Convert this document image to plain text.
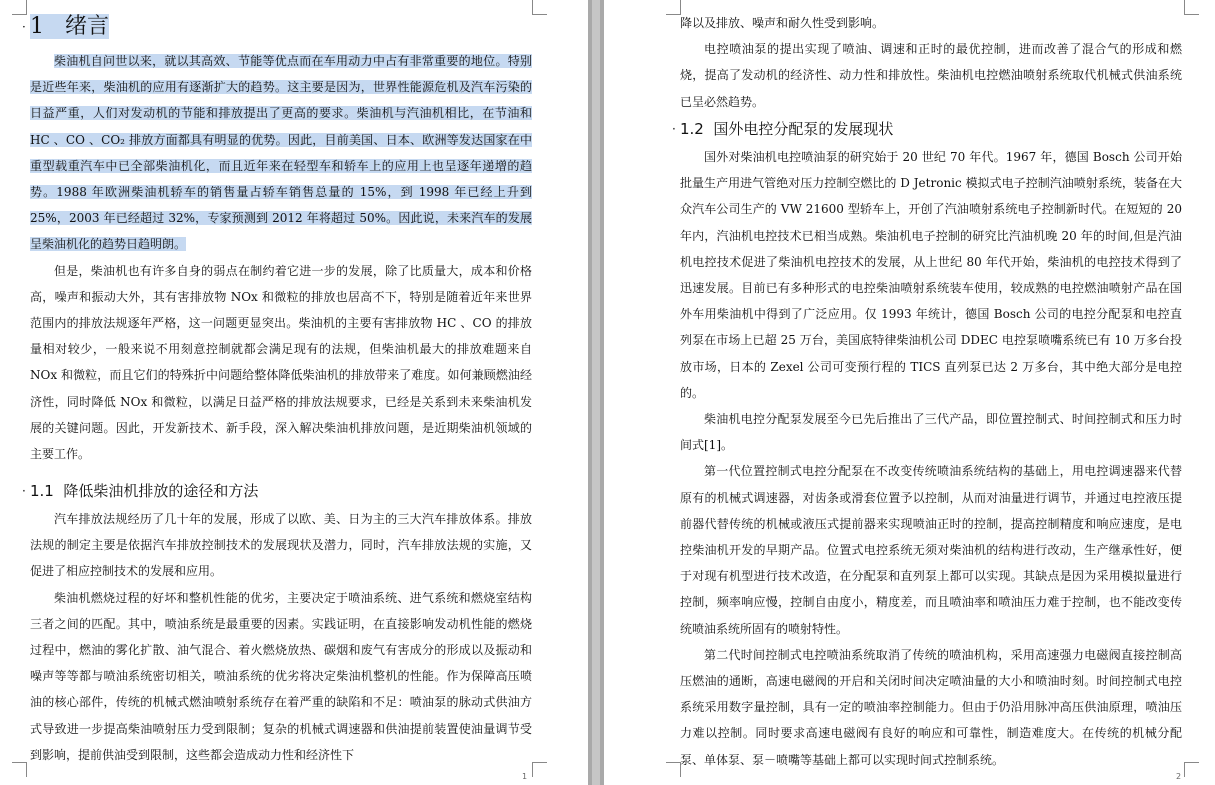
· 1 绪言

柴油机自问世以来，就以其高效、节能等优点而在车用动力中占有非常重要的地位。特别是近些年来，柴油机的应用有逐渐扩大的趋势。这主要是因为，世界性能源危机及汽车污染的日益严重，人们对发动机的节能和排放提出了更高的要求。柴油机与汽油机相比，在节油和 HC 、CO 、CO₂ 排放方面都具有明显的优势。因此，目前美国、日本、欧洲等发达国家在中重型载重汽车中已全部柴油机化，而且近年来在轻型车和轿车上的应用上也呈逐年递增的趋势。1988 年欧洲柴油机轿车的销售量占轿车销售总量的 15%，到 1998 年已经上升到 25%，2003 年已经超过 32%，专家预测到 2012 年将超过 50%。因此说，未来汽车的发展呈柴油机化的趋势日趋明朗。

但是，柴油机也有许多自身的弱点在制约着它进一步的发展，除了比质量大，成本和价格高，噪声和振动大外，其有害排放物 NOx 和微粒的排放也居高不下，特别是随着近年来世界范围内的排放法规逐年严格，这一问题更显突出。柴油机的主要有害排放物 HC 、CO 的排放量相对较少，一般来说不用刻意控制就都会满足现有的法规，但柴油机最大的排放难题来自 NOx 和微粒，而且它们的特殊折中问题给整体降低柴油机的排放带来了难度。如何兼顾燃油经济性，同时降低 NOx 和微粒，以满足日益严格的排放法规要求，已经是关系到未来柴油机发展的关键问题。因此，开发新技术、新手段，深入解决柴油机排放问题，是近期柴油机领域的主要工作。

· 1.1 降低柴油机排放的途径和方法

汽车排放法规经历了几十年的发展，形成了以欧、美、日为主的三大汽车排放体系。排放法规的制定主要是依据汽车排放控制技术的发展现状及潜力，同时，汽车排放法规的实施，又促进了相应控制技术的发展和应用。

柴油机燃烧过程的好坏和整机性能的优劣，主要决定于喷油系统、进气系统和燃烧室结构三者之间的匹配。其中，喷油系统是最重要的因素。实践证明，在直接影响发动机性能的燃烧过程中，燃油的雾化扩散、油气混合、着火燃烧放热、碳烟和废气有害成分的形成以及振动和噪声等等都与喷油系统密切相关，喷油系统的优劣将决定柴油机整机的性能。作为保障高压喷油的核心部件，传统的机械式燃油喷射系统存在着严重的缺陷和不足：喷油泵的脉动式供油方式导致进一步提高柴油喷射压力受到限制；复杂的机械式调速器和供油提前装置使油量调节受到影响，提前供油受到限制，这些都会造成动力性和经济性下

1

降以及排放、噪声和耐久性受到影响。

电控喷油泵的提出实现了喷油、调速和正时的最优控制，进而改善了混合气的形成和燃烧，提高了发动机的经济性、动力性和排放性。柴油机电控燃油喷射系统取代机械式供油系统已呈必然趋势。

· 1.2 国外电控分配泵的发展现状

国外对柴油机电控喷油泵的研究始于 20 世纪 70 年代。1967 年，德国 Bosch 公司开始批量生产用进气管绝对压力控制空燃比的 D Jetronic 模拟式电子控制汽油喷射系统，装备在大众汽车公司生产的 VW 21600 型轿车上，开创了汽油喷射系统电子控制新时代。在短短的 20 年内，汽油机电控技术已相当成熟。柴油机电子控制的研究比汽油机晚 20 年的时间,但是汽油机电控技术促进了柴油机电控技术的发展，从上世纪 80 年代开始，柴油机的电控技术得到了迅速发展。目前已有多种形式的电控柴油喷射系统装车使用，较成熟的电控燃油喷射产品在国外车用柴油机中得到了广泛应用。仅 1993 年统计，德国 Bosch 公司的电控分配泵和电控直列泵在市场上已超 25 万台，美国底特律柴油机公司 DDEC 电控泵喷嘴系统已有 10 万多台投放市场，日本的 Zexel 公司可变预行程的 TICS 直列泵已达 2 万多台，其中绝大部分是电控的。

柴油机电控分配泵发展至今已先后推出了三代产品，即位置控制式、时间控制式和压力时间式[1]。

第一代位置控制式电控分配泵在不改变传统喷油系统结构的基础上，用电控调速器来代替原有的机械式调速器，对齿条或滑套位置予以控制，从而对油量进行调节，并通过电控液压提前器代替传统的机械或液压式提前器来实现喷油正时的控制，提高控制精度和响应速度，是电控柴油机开发的早期产品。位置式电控系统无须对柴油机的结构进行改动，生产继承性好，便于对现有机型进行技术改造，在分配泵和直列泵上都可以实现。其缺点是因为采用模拟量进行控制，频率响应慢，控制自由度小，精度差，而且喷油率和喷油压力难于控制，也不能改变传统喷油系统所固有的喷射特性。

第二代时间控制式电控喷油系统取消了传统的喷油机构，采用高速强力电磁阀直接控制高压燃油的通断，高速电磁阀的开启和关闭时间决定喷油量的大小和喷油时刻。时间控制式电控系统采用数字量控制，具有一定的喷油率控制能力。但由于仍沿用脉冲高压供油原理，喷油压力难以控制。同时要求高速电磁阀有良好的响应和可靠性，制造难度大。在传统的机械分配泵、单体泵、泵－喷嘴等基础上都可以实现时间式控制系统。

2
